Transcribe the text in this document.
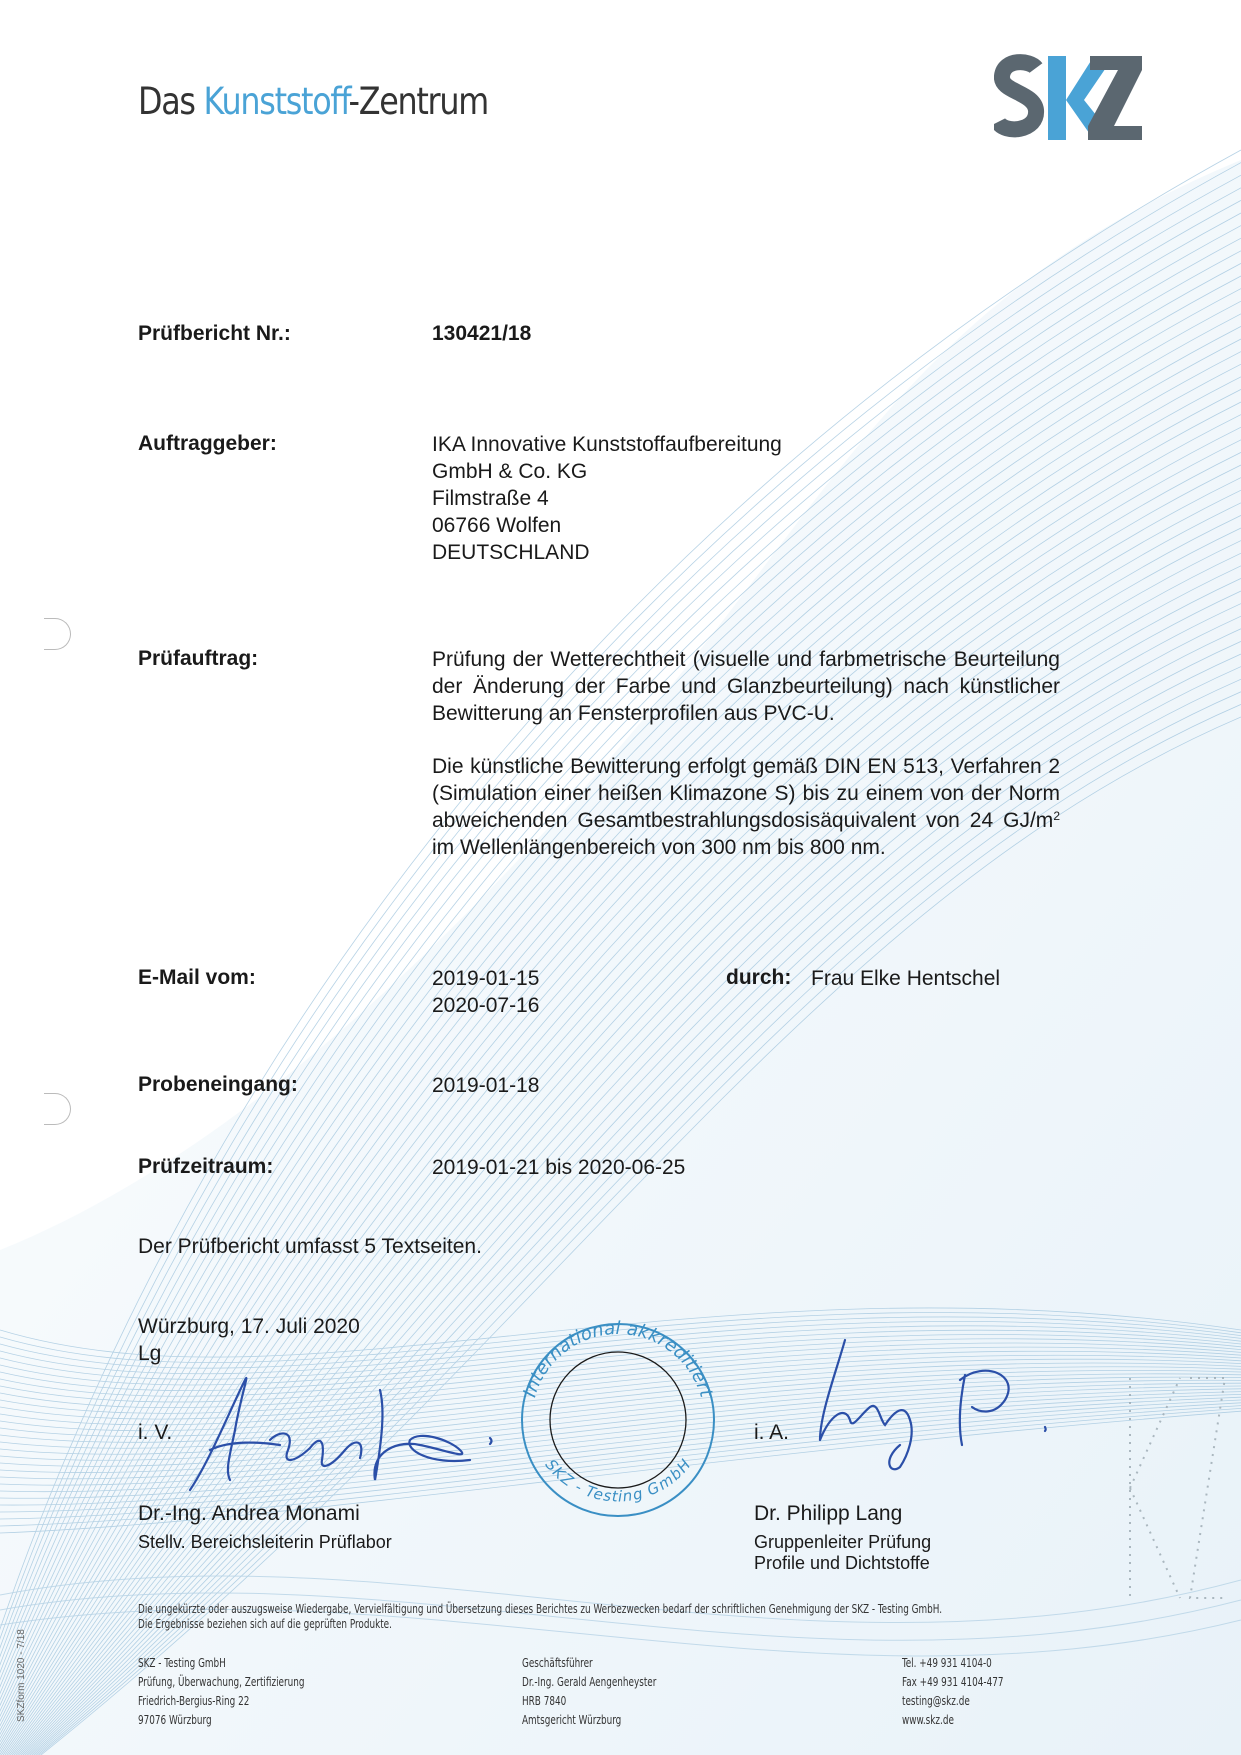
Das Kunststoff-Zentrum
Prüfbericht Nr.:	130421/18
Auftraggeber:	IKA Innovative Kunststoffaufbereitung
GmbH & Co. KG
Filmstraße 4
06766 Wolfen
DEUTSCHLAND
Prüfauftrag:	Prüfung der Wetterechtheit (visuelle und farbmetrische Beurteilung der Änderung der Farbe und Glanzbeurteilung) nach künstlicher Bewitterung an Fensterprofilen aus PVC-U.
Die künstliche Bewitterung erfolgt gemäß DIN EN 513, Verfahren 2 (Simulation einer heißen Klimazone S) bis zu einem von der Norm abweichenden Gesamtbestrahlungsdosisäquivalent von 24 $GJ/m^2$ im Wellenlängenbereich von 300 nm bis 800 nm.
E-Mail vom:	2019-01-15
2020-07-16
durch: Frau Elke Hentschel
Probeneingang:	2019-01-18
Prüfzeitraum:	2019-01-21 bis 2020-06-25
Der Prüfbericht umfasst 5 Textseiten.
Würzburg, 17. Juli 2020
Lg
i. V.
Dr.-Ing. Andrea Monami
Stellv. Bereichsleiterin Prüflabor
International akkreditiert
SKZ - Testing GmbH
i. A.
Dr. Philipp Lang
Gruppenleiter Prüfung
Profile und Dichtstoffe
Die ungekürzte oder auszugsweise Wiedergabe, Vervielfältigung und Übersetzung dieses Berichtes zu Werbezwecken bedarf der schriftlichen Genehmigung der SKZ - Testing GmbH.
Die Ergebnisse beziehen sich auf die geprüften Produkte.
SKZ - Testing GmbH
Prüfung, Überwachung, Zertifizierung
Friedrich-Bergius-Ring 22
97076 Würzburg
Geschäftsführer
Dr.-Ing. Gerald Aengenheyster
HRB 7840
Amtsgericht Würzburg
Tel. +49 931 4104-0
Fax +49 931 4104-477
testing@skz.de
www.skz.de
SKZform 1020 - 7/18
